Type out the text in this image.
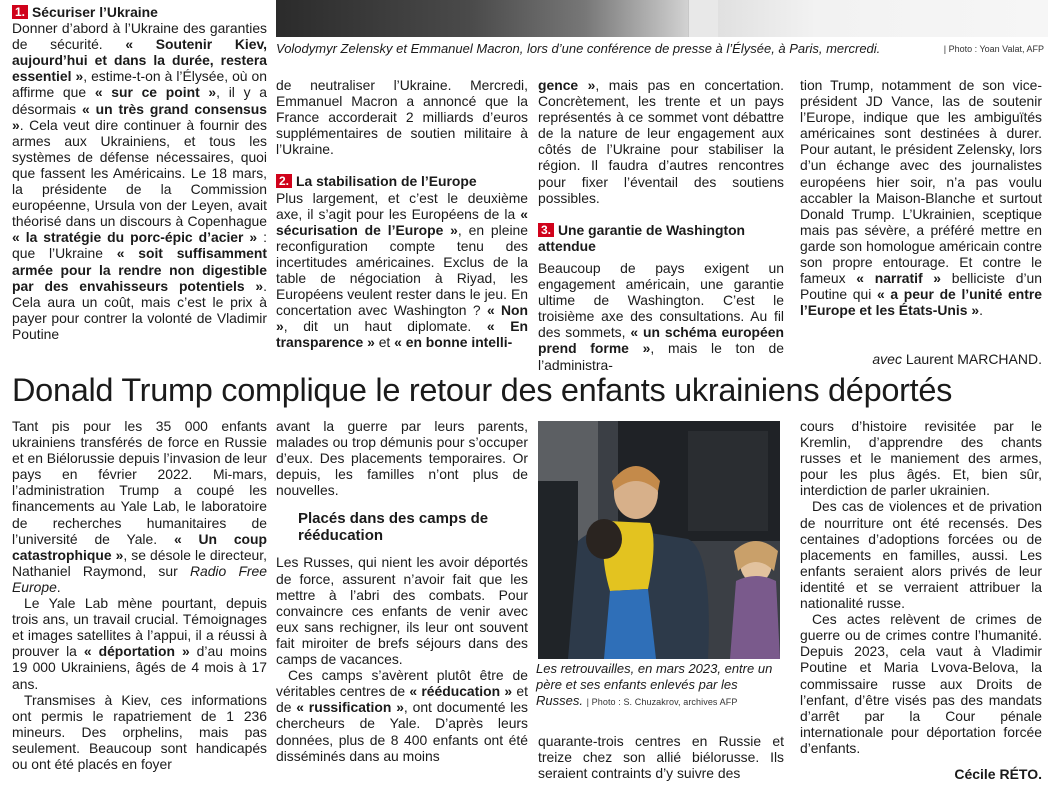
Volodymyr Zelensky et Emmanuel Macron, lors d’une conférence de presse à l’Élysée, à Paris, mercredi.	| Photo : Yoan Valat, AFP

1. Sécuriser l’Ukraine

Donner d’abord à l’Ukraine des garanties de sécurité. « Soutenir Kiev, aujourd’hui et dans la durée, restera essentiel », estime-t-on à l’Élysée, où on affirme que « sur ce point », il y a désormais « un très grand consensus ». Cela veut dire continuer à fournir des armes aux Ukrainiens, et tous les systèmes de défense nécessaires, quoi que fassent les Américains. Le 18 mars, la présidente de la Commission européenne, Ursula von der Leyen, avait théorisé dans un discours à Copenhague « la stratégie du porc-épic d’acier » : que l’Ukraine « soit suffisamment armée pour la rendre non digestible par des envahisseurs potentiels ». Cela aura un coût, mais c’est le prix à payer pour contrer la volonté de Vladimir Poutine

de neutraliser l’Ukraine. Mercredi, Emmanuel Macron a annoncé que la France accorderait 2 milliards d’euros supplémentaires de soutien militaire à l’Ukraine.

2. La stabilisation de l’Europe

Plus largement, et c’est le deuxième axe, il s’agit pour les Européens de la « sécurisation de l’Europe », en pleine reconfiguration compte tenu des incertitudes américaines. Exclus de la table de négociation à Riyad, les Européens veulent rester dans le jeu. En concertation avec Washington ? « Non », dit un haut diplomate. « En transparence » et « en bonne intelli-

gence », mais pas en concertation. Concrètement, les trente et un pays représentés à ce sommet vont débattre de la nature de leur engagement aux côtés de l’Ukraine pour stabiliser la région. Il faudra d’autres rencontres pour fixer l’éventail des soutiens possibles.

3. Une garantie de Washington attendue

Beaucoup de pays exigent un engagement américain, une garantie ultime de Washington. C’est le troisième axe des consultations. Au fil des sommets, « un schéma européen prend forme », mais le ton de l’administra-

tion Trump, notamment de son vice-président JD Vance, las de soutenir l’Europe, indique que les ambiguïtés américaines sont destinées à durer. Pour autant, le président Zelensky, lors d’un échange avec des journalistes européens hier soir, n’a pas voulu accabler la Maison-Blanche et surtout Donald Trump. L’Ukrainien, sceptique mais pas sévère, a préféré mettre en garde son homologue américain contre son propre entourage. Et contre le fameux « narratif » belliciste d’un Poutine qui « a peur de l’unité entre l’Europe et les États-Unis ».

avec Laurent MARCHAND.
Donald Trump complique le retour des enfants ukrainiens déportés

Tant pis pour les 35 000 enfants ukrainiens transférés de force en Russie et en Biélorussie depuis l’invasion de leur pays en février 2022. Mi-mars, l’administration Trump a coupé les financements au Yale Lab, le laboratoire de recherches humanitaires de l’université de Yale. « Un coup catastrophique », se désole le directeur, Nathaniel Raymond, sur Radio Free Europe.

Le Yale Lab mène pourtant, depuis trois ans, un travail crucial. Témoignages et images satellites à l’appui, il a réussi à prouver la « déportation » d’au moins 19 000 Ukrainiens, âgés de 4 mois à 17 ans.

Transmises à Kiev, ces informations ont permis le rapatriement de 1 236 mineurs. Des orphelins, mais pas seulement. Beaucoup sont handicapés ou ont été placés en foyer

avant la guerre par leurs parents, malades ou trop démunis pour s’occuper d’eux. Des placements temporaires. Or depuis, les familles n’ont plus de nouvelles.

Placés dans des camps de rééducation

Les Russes, qui nient les avoir déportés de force, assurent n’avoir fait que les mettre à l’abri des combats. Pour convaincre ces enfants de venir avec eux sans rechigner, ils leur ont souvent fait miroiter de brefs séjours dans des camps de vacances.

Ces camps s’avèrent plutôt être de véritables centres de « rééducation » et de « russification », ont documenté les chercheurs de Yale. D’après leurs données, plus de 8 400 enfants ont été disséminés dans au moins

Les retrouvailles, en mars 2023, entre un père et ses enfants enlevés par les Russes. | Photo : S. Chuzakrov, archives AFP

quarante-trois centres en Russie et treize chez son allié biélorusse. Ils seraient contraints d’y suivre des

cours d’histoire revisitée par le Kremlin, d’apprendre des chants russes et le maniement des armes, pour les plus âgés. Et, bien sûr, interdiction de parler ukrainien.

Des cas de violences et de privation de nourriture ont été recensés. Des centaines d’adoptions forcées ou de placements en familles, aussi. Les enfants seraient alors privés de leur identité et se verraient attribuer la nationalité russe.

Ces actes relèvent de crimes de guerre ou de crimes contre l’humanité. Depuis 2023, cela vaut à Vladimir Poutine et Maria Lvova-Belova, la commissaire russe aux Droits de l’enfant, d’être visés pas des mandats d’arrêt par la Cour pénale internationale pour déportation forcée d’enfants.

Cécile RÉTO.
